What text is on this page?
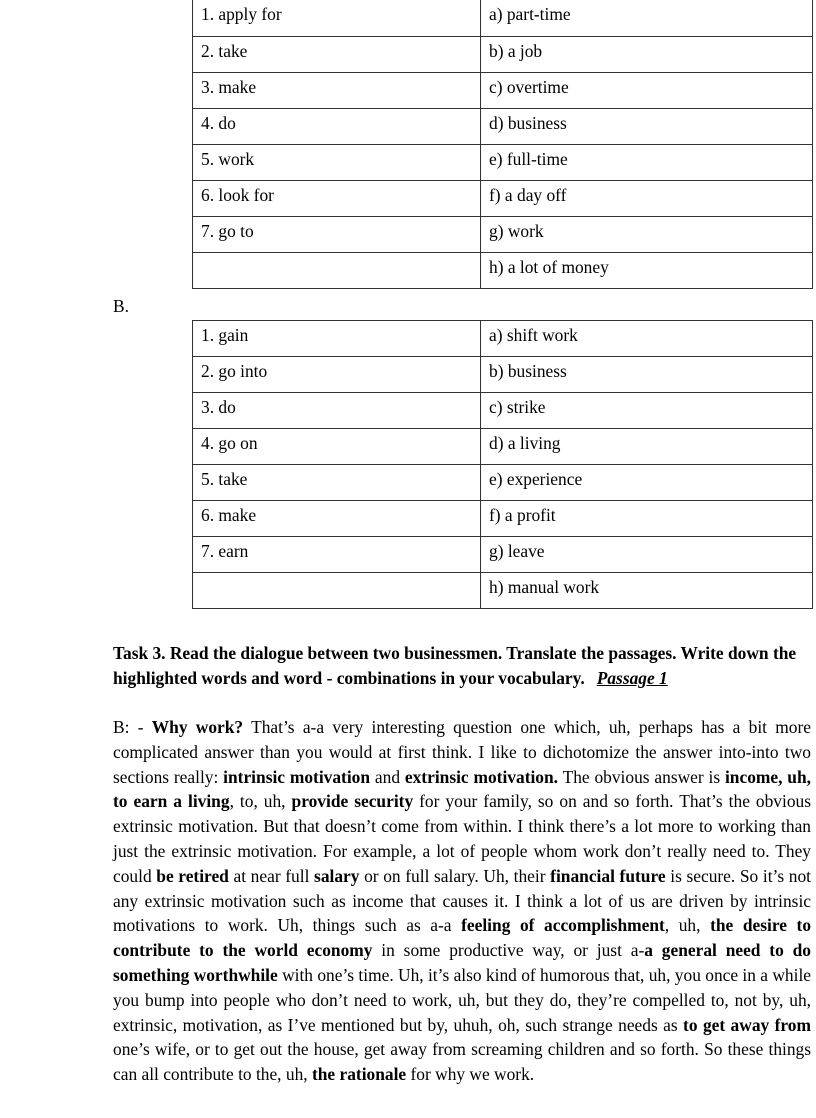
1. apply for	a) part-time
2. take	b) a job
3. make	c) overtime
4. do	d) business
5. work	e) full-time
6. look for	f) a day off
7. go to	g) work
	h) a lot of money
B.
1. gain	a) shift work
2. go into	b) business
3. do	c) strike
4. go on	d) a living
5. take	e) experience
6. make	f) a profit
7. earn	g) leave
	h) manual work
Task 3. Read the dialogue between two businessmen. Translate the passages. Write down the highlighted words and word - combinations in your vocabulary. Passage 1
B: - Why work? That’s a-a very interesting question one which, uh, perhaps has a bit more complicated answer than you would at first think. I like to dichotomize the answer into-into two sections really: intrinsic motivation and extrinsic motivation. The obvious answer is income, uh, to earn a living, to, uh, provide security for your family, so on and so forth. That’s the obvious extrinsic motivation. But that doesn’t come from within. I think there’s a lot more to working than just the extrinsic motivation. For example, a lot of people whom work don’t really need to. They could be retired at near full salary or on full salary. Uh, their financial future is secure. So it’s not any extrinsic motivation such as income that causes it. I think a lot of us are driven by intrinsic motivations to work. Uh, things such as a-a feeling of accomplishment, uh, the desire to contribute to the world economy in some productive way, or just a-a general need to do something worthwhile with one’s time. Uh, it’s also kind of humorous that, uh, you once in a while you bump into people who don’t need to work, uh, but they do, they’re compelled to, not by, uh, extrinsic, motivation, as I’ve mentioned but by, uhuh, oh, such strange needs as to get away from one’s wife, or to get out the house, get away from screaming children and so forth. So these things can all contribute to the, uh, the rationale for why we work.
